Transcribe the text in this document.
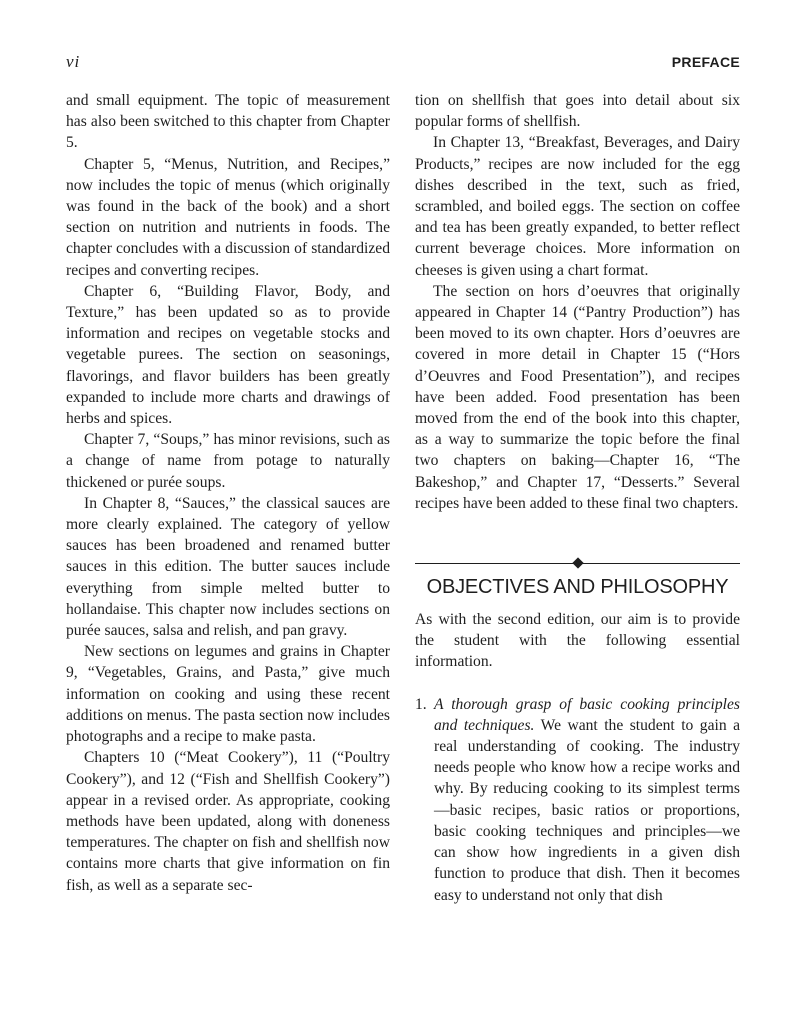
vi	PREFACE

and small equipment. The topic of measurement has also been switched to this chapter from Chapter 5.

Chapter 5, “Menus, Nutrition, and Recipes,” now includes the topic of menus (which originally was found in the back of the book) and a short section on nutrition and nutrients in foods. The chapter concludes with a discussion of standardized recipes and converting recipes.

Chapter 6, “Building Flavor, Body, and Texture,” has been updated so as to provide information and recipes on vegetable stocks and vegetable purees. The section on seasonings, flavorings, and flavor builders has been greatly expanded to include more charts and drawings of herbs and spices.

Chapter 7, “Soups,” has minor revisions, such as a change of name from potage to naturally thickened or purée soups.

In Chapter 8, “Sauces,” the classical sauces are more clearly explained. The category of yellow sauces has been broadened and renamed butter sauces in this edition. The butter sauces include everything from simple melted butter to hollandaise. This chapter now includes sections on purée sauces, salsa and relish, and pan gravy.

New sections on legumes and grains in Chapter 9, “Vegetables, Grains, and Pasta,” give much information on cooking and using these recent additions on menus. The pasta section now includes photographs and a recipe to make pasta.

Chapters 10 (“Meat Cookery”), 11 (“Poultry Cookery”), and 12 (“Fish and Shellfish Cookery”) appear in a revised order. As appropriate, cooking methods have been updated, along with doneness temperatures. The chapter on fish and shellfish now contains more charts that give information on fin fish, as well as a separate sec-

tion on shellfish that goes into detail about six popular forms of shellfish.

In Chapter 13, “Breakfast, Beverages, and Dairy Products,” recipes are now included for the egg dishes described in the text, such as fried, scrambled, and boiled eggs. The section on coffee and tea has been greatly expanded, to better reflect current beverage choices. More information on cheeses is given using a chart format.

The section on hors d’oeuvres that originally appeared in Chapter 14 (“Pantry Production”) has been moved to its own chapter. Hors d’oeuvres are covered in more detail in Chapter 15 (“Hors d’Oeuvres and Food Presentation”), and recipes have been added. Food presentation has been moved from the end of the book into this chapter, as a way to summarize the topic before the final two chapters on baking—Chapter 16, “The Bakeshop,” and Chapter 17, “Desserts.” Several recipes have been added to these final two chapters.

OBJECTIVES AND PHILOSOPHY

As with the second edition, our aim is to provide the student with the following essential information.

1. A thorough grasp of basic cooking principles and techniques. We want the student to gain a real understanding of cooking. The industry needs people who know how a recipe works and why. By reducing cooking to its simplest terms—basic recipes, basic ratios or proportions, basic cooking techniques and principles—we can show how ingredients in a given dish function to produce that dish. Then it becomes easy to understand not only that dish
